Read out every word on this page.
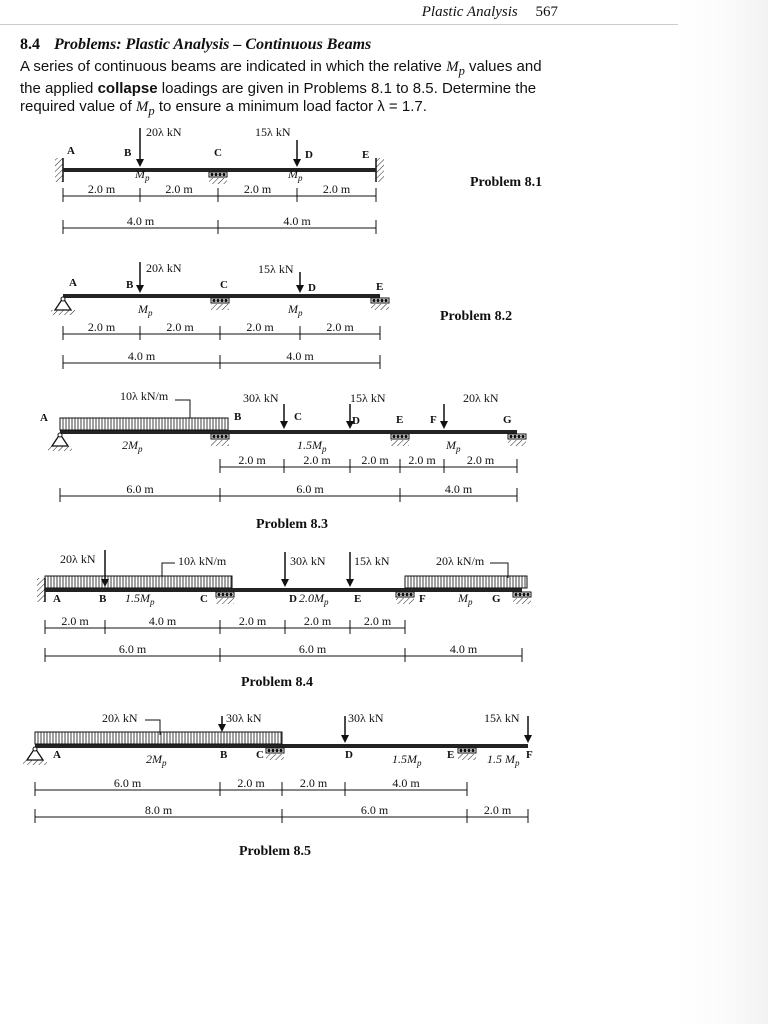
Plastic Analysis 567
8.4 Problems: Plastic Analysis – Continuous Beams
A series of continuous beams are indicated in which the relative $M_p$ values and the applied collapse loadings are given in Problems 8.1 to 8.5. Determine the required value of $M_p$ to ensure a minimum load factor λ = 1.7.
A	B	C	D	E
20λ kN	15λ kN
$M_p$	$M_p$
2.0 m	2.0 m	2.0 m	2.0 m
4.0 m	4.0 m
Problem 8.1
A	B	C	D	E
20λ kN	15λ kN
$M_p$	$M_p$
2.0 m	2.0 m	2.0 m	2.0 m
4.0 m	4.0 m
Problem 8.2
10λ kN/m	30λ kN	15λ kN	20λ kN
A	B	C	D	E F	G
$2M_p$	$1.5M_p$	$M_p$
2.0 m	2.0 m	2.0 m 2.0 m	2.0 m
6.0 m	6.0 m	4.0 m
Problem 8.3
20λ kN	10λ kN/m	30λ kN 15λ kN	20λ kN/m
A	B	C	D	E	F	G
$1.5M_p$	$2.0M_p$	$M_p$
2.0 m	4.0 m	2.0 m	2.0 m	2.0 m
6.0 m	6.0 m	4.0 m
Problem 8.4
20λ kN	30λ kN	30λ kN	15λ kN
A	B	C	D	E	F
$2M_p$	$1.5M_p$	1.5 $M_p$
6.0 m	2.0 m	2.0 m	4.0 m
8.0 m	6.0 m	2.0 m
Problem 8.5
